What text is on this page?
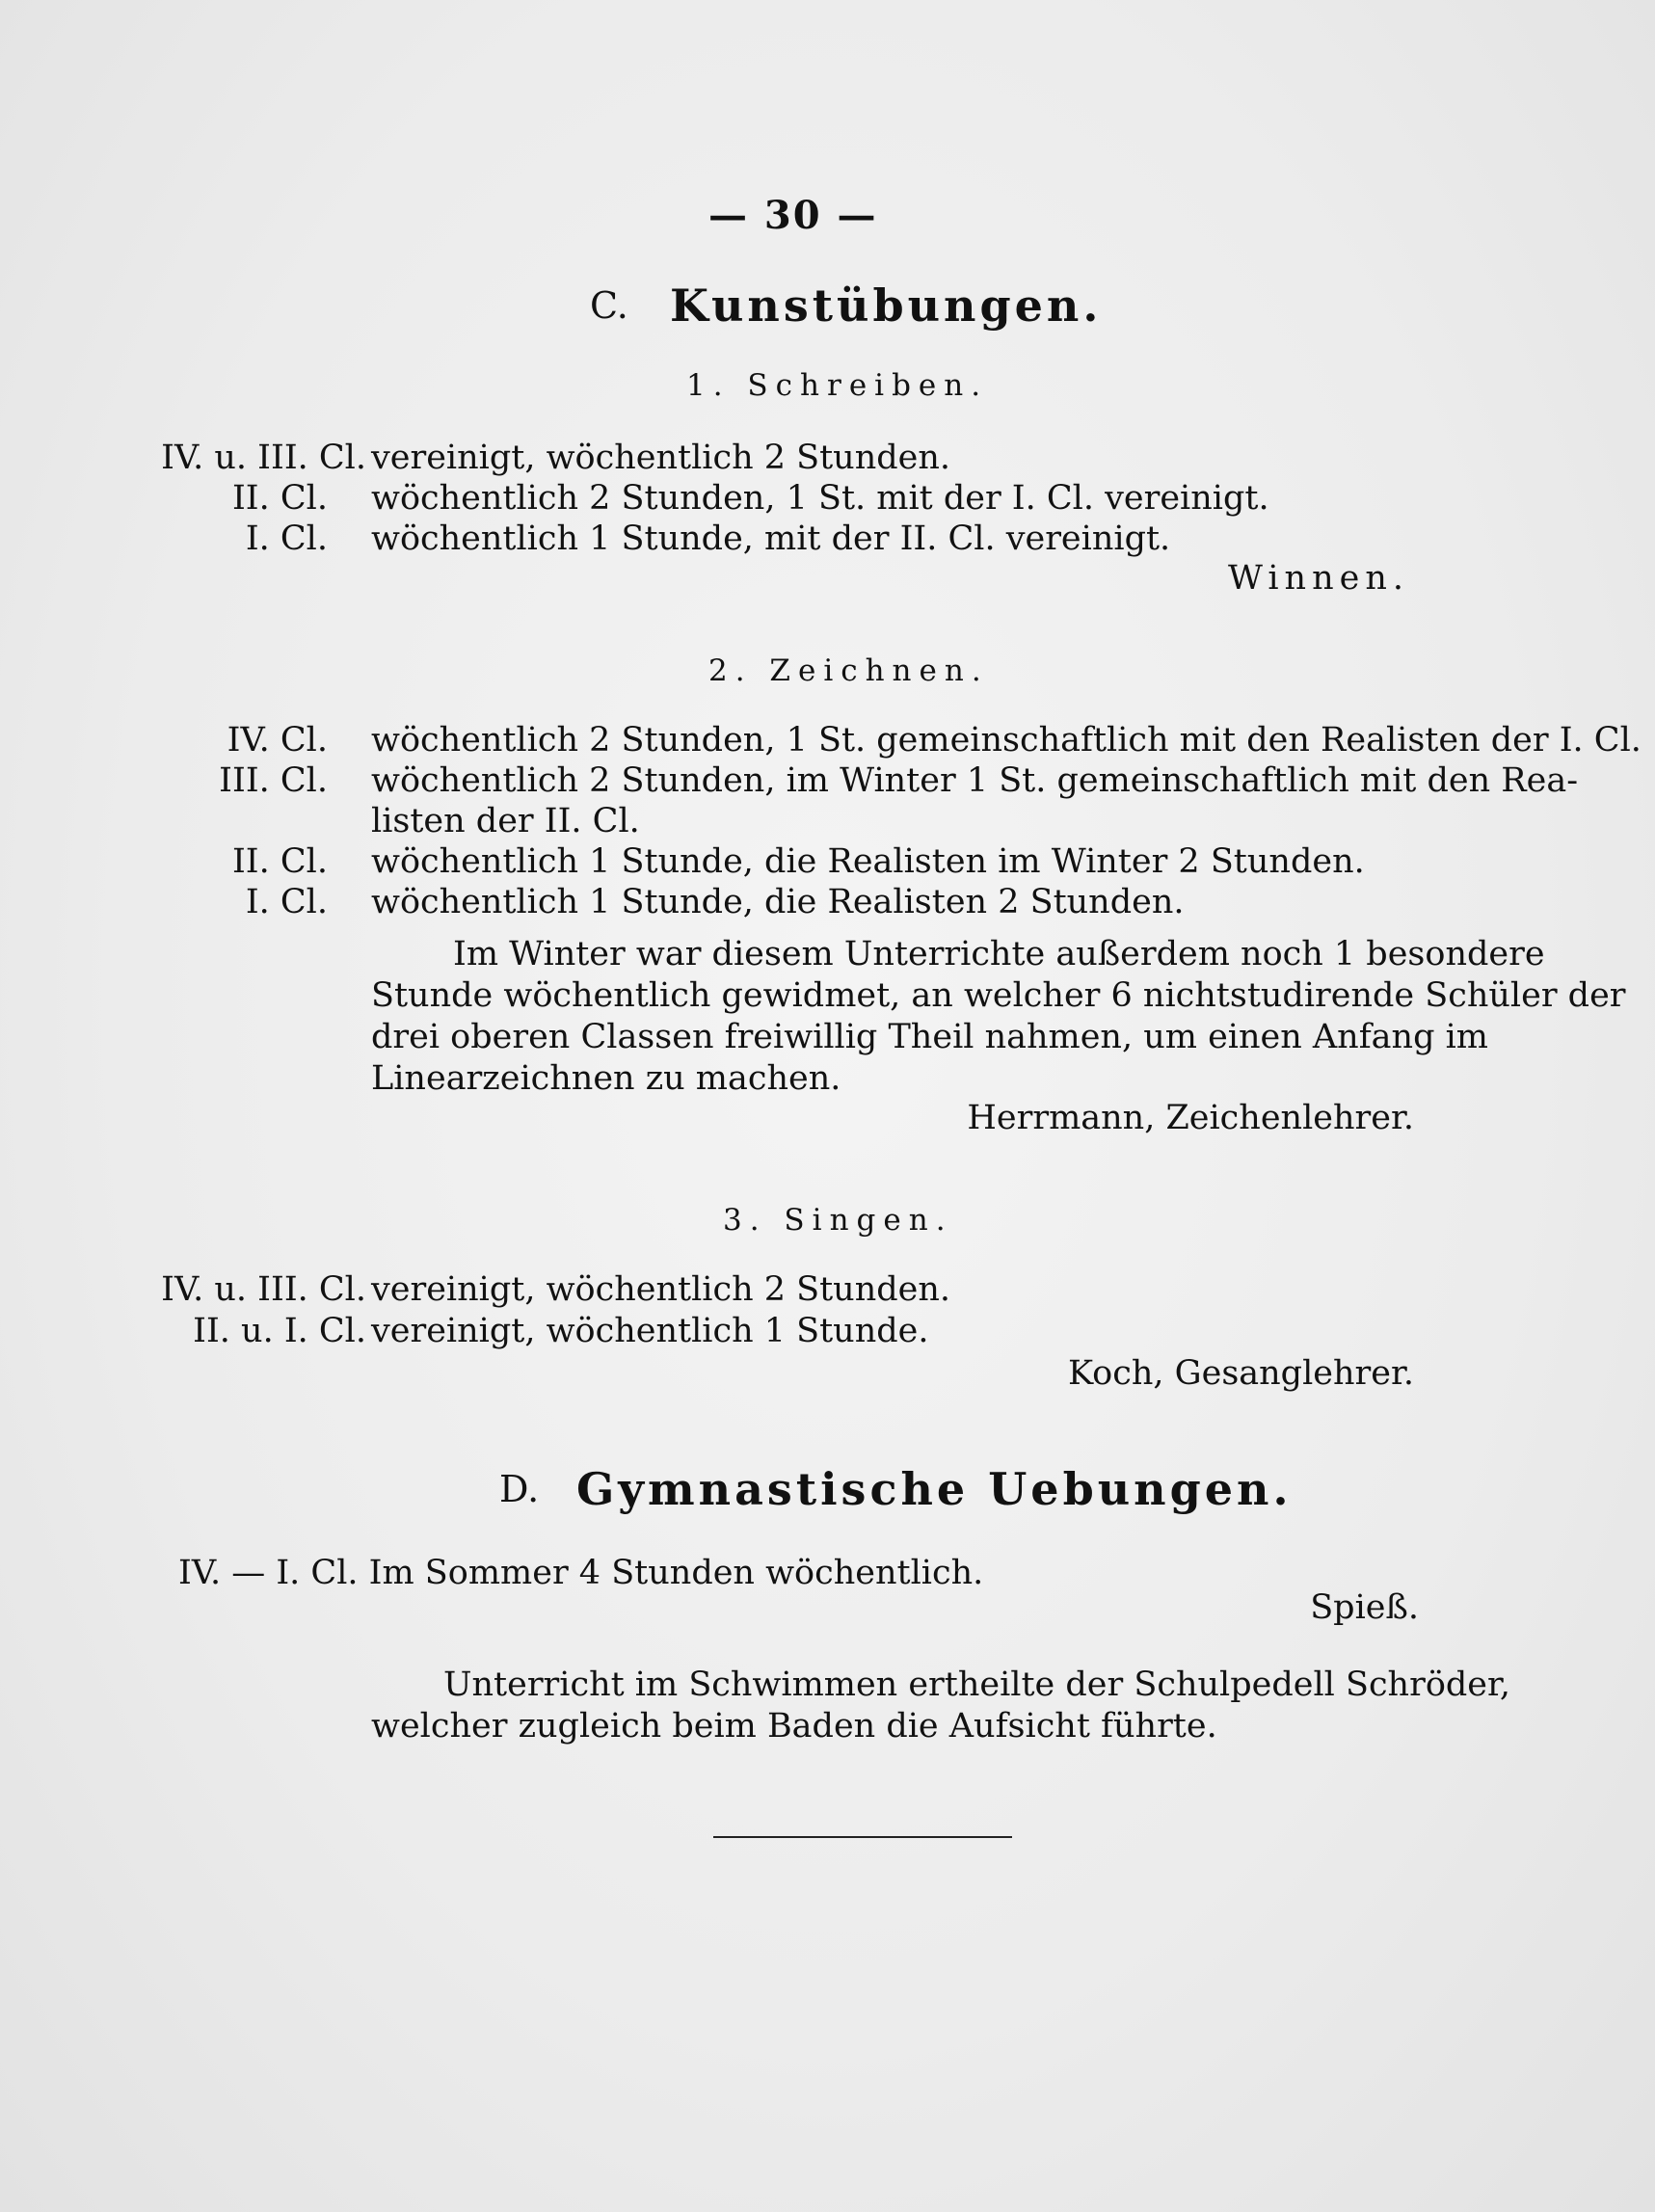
— 30 —
C. Kunstübungen.
1. Schreiben.
IV. u. III. Cl. vereinigt, wöchentlich 2 Stunden.
II. Cl. wöchentlich 2 Stunden, 1 St. mit der I. Cl. vereinigt.
I. Cl. wöchentlich 1 Stunde, mit der II. Cl. vereinigt.
Winnen.
2. Zeichnen.
IV. Cl. wöchentlich 2 Stunden, 1 St. gemeinschaftlich mit den Realisten der I. Cl.
III. Cl. wöchentlich 2 Stunden, im Winter 1 St. gemeinschaftlich mit den Rea-
listen der II. Cl.
II. Cl. wöchentlich 1 Stunde, die Realisten im Winter 2 Stunden.
I. Cl. wöchentlich 1 Stunde, die Realisten 2 Stunden.
Im Winter war diesem Unterrichte außerdem noch 1 besondere
Stunde wöchentlich gewidmet, an welcher 6 nichtstudirende Schüler der
drei oberen Classen freiwillig Theil nahmen, um einen Anfang im
Linearzeichnen zu machen.
Herrmann, Zeichenlehrer.
3. Singen.
IV. u. III. Cl. vereinigt, wöchentlich 2 Stunden.
II. u. I. Cl. vereinigt, wöchentlich 1 Stunde.
Koch, Gesanglehrer.
D. Gymnastische Uebungen.
IV. — I. Cl. Im Sommer 4 Stunden wöchentlich.
Spieß.
Unterricht im Schwimmen ertheilte der Schulpedell Schröder,
welcher zugleich beim Baden die Aufsicht führte.
